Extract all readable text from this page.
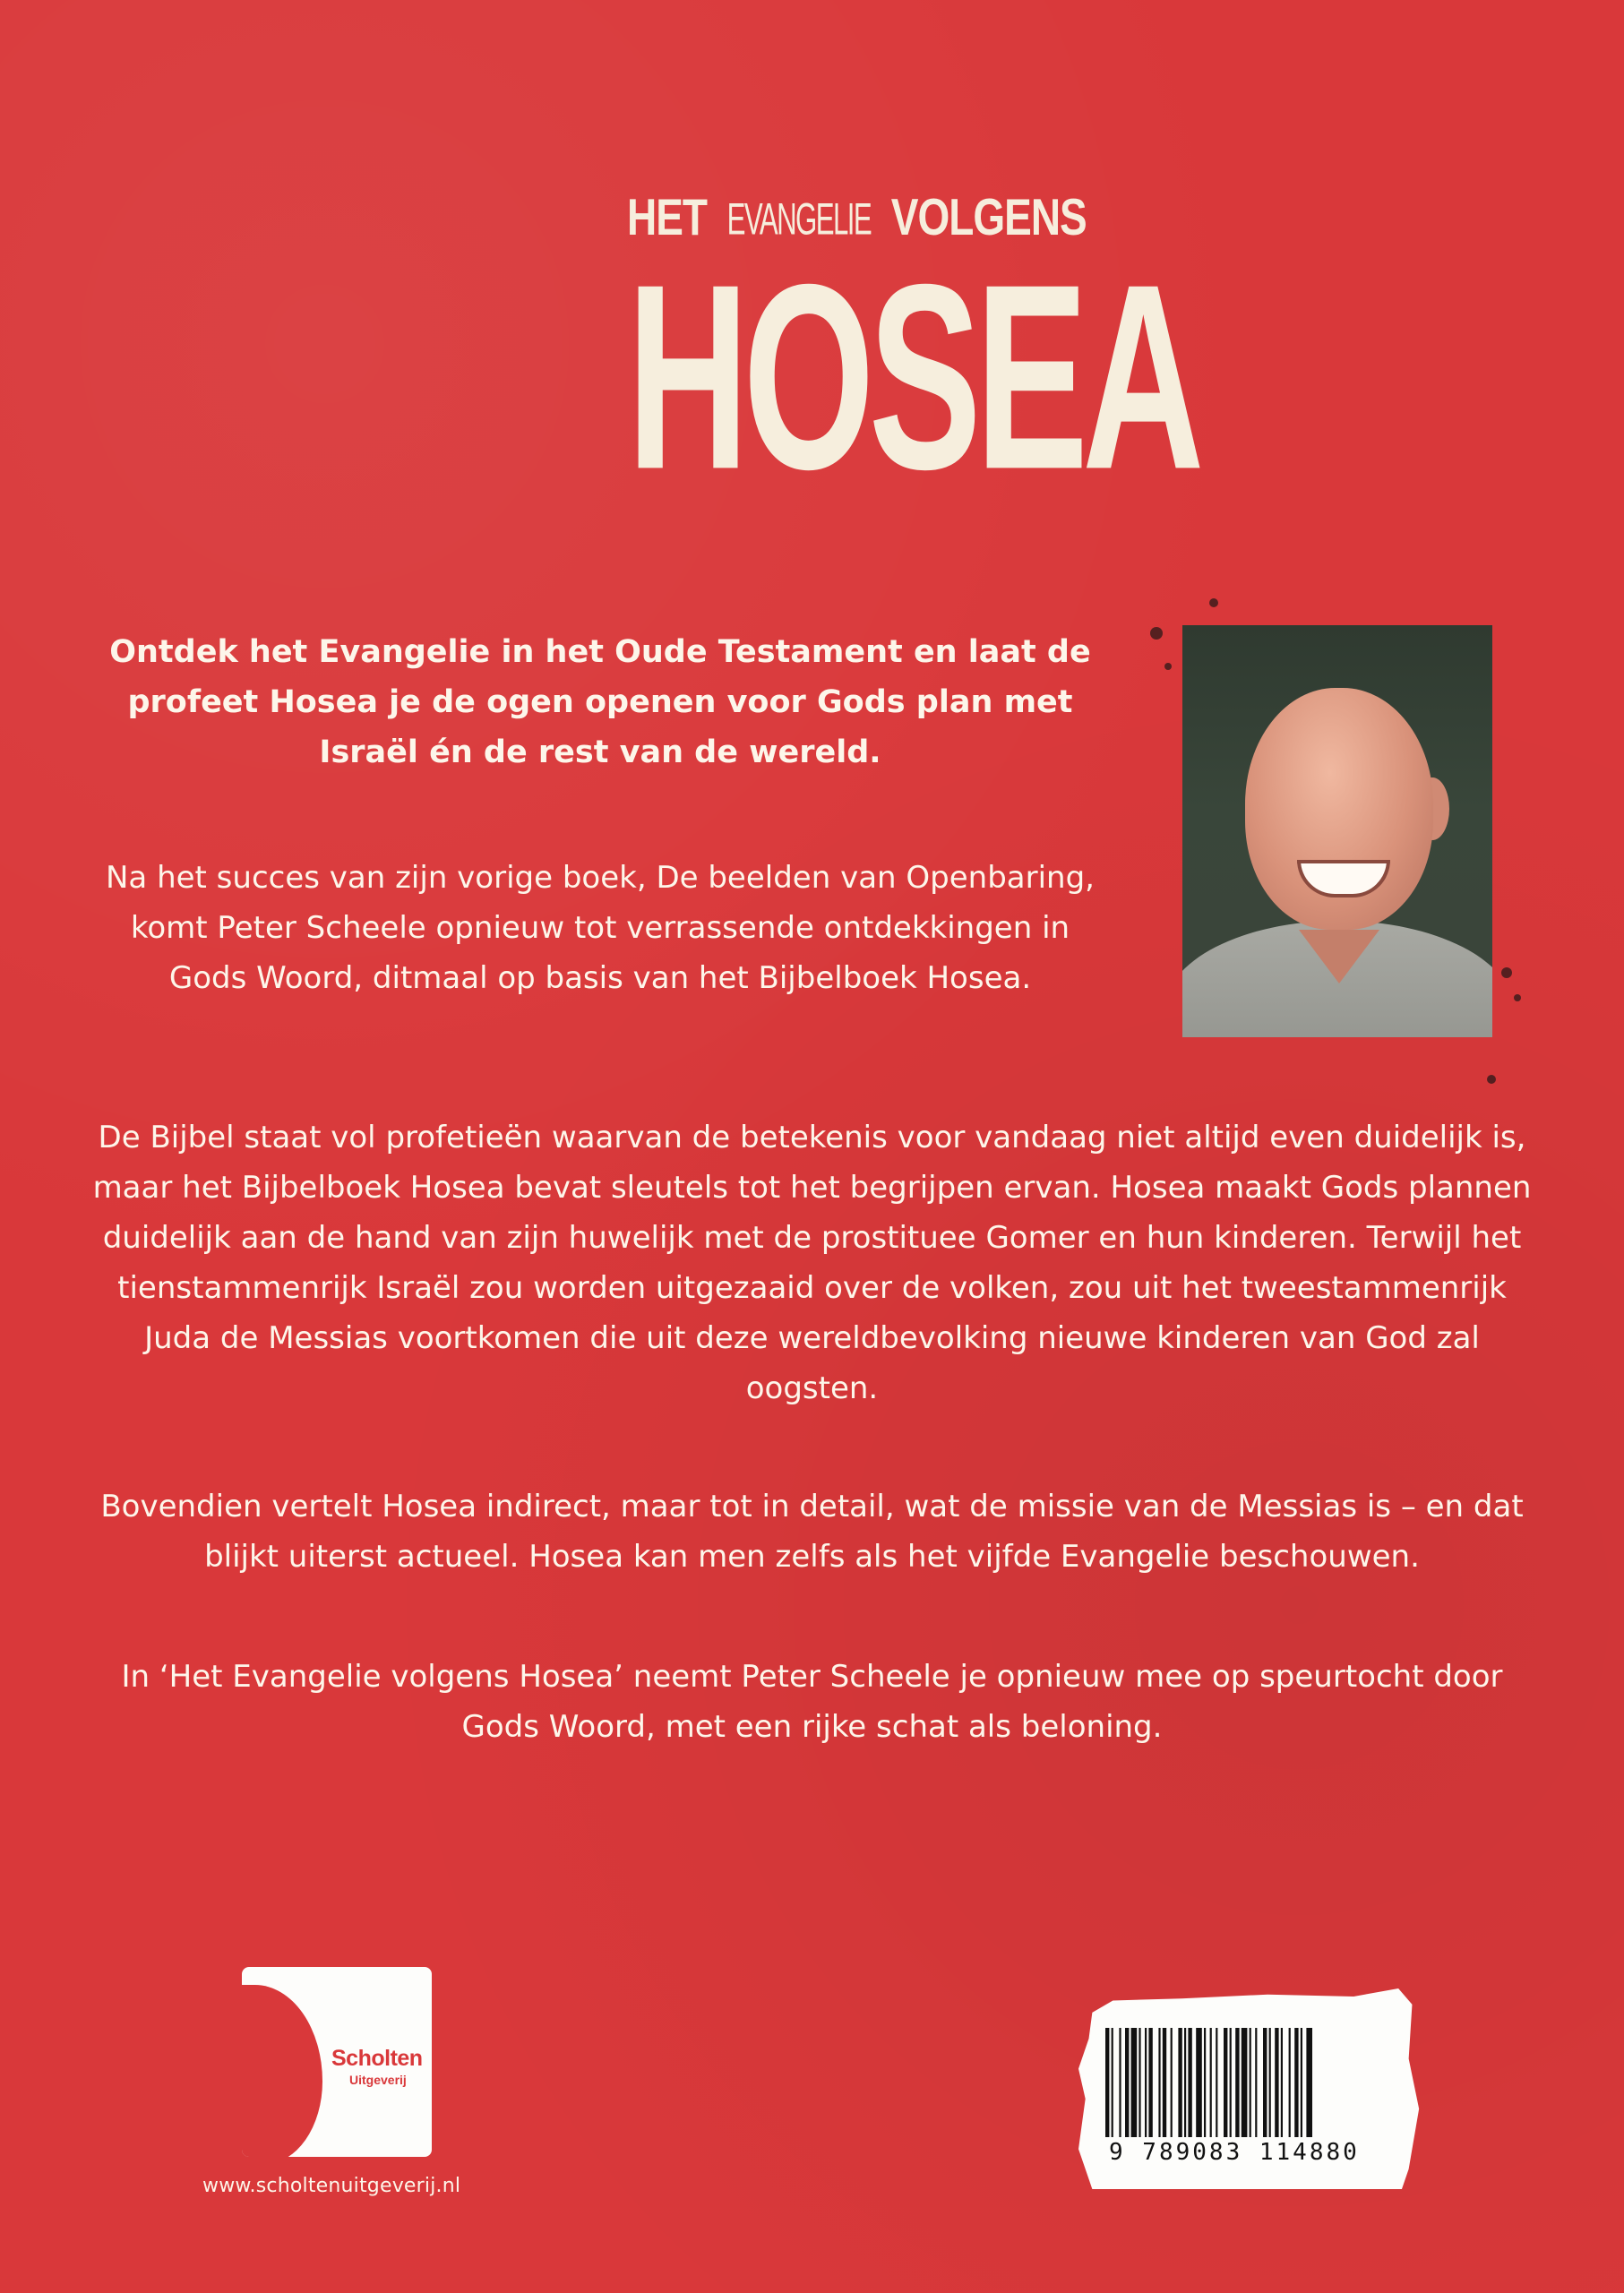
HET EVANGELIE VOLGENS
HOSEA
Ontdek het Evangelie in het Oude Testament en laat de profeet Hosea je de ogen openen voor Gods plan met Israël én de rest van de wereld.
Na het succes van zijn vorige boek, De beelden van Openbaring, komt Peter Scheele opnieuw tot verrassende ontdekkingen in Gods Woord, ditmaal op basis van het Bijbelboek Hosea.
De Bijbel staat vol profetieën waarvan de betekenis voor vandaag niet altijd even duidelijk is, maar het Bijbelboek Hosea bevat sleutels tot het begrijpen ervan. Hosea maakt Gods plannen duidelijk aan de hand van zijn huwelijk met de prostituee Gomer en hun kinderen. Terwijl het tienstammenrijk Israël zou worden uitgezaaid over de volken, zou uit het tweestammenrijk Juda de Messias voortkomen die uit deze wereldbevolking nieuwe kinderen van God zal oogsten.
Bovendien vertelt Hosea indirect, maar tot in detail, wat de missie van de Messias is – en dat blijkt uiterst actueel. Hosea kan men zelfs als het vijfde Evangelie beschouwen.
In ‘Het Evangelie volgens Hosea’ neemt Peter Scheele je opnieuw mee op speurtocht door Gods Woord, met een rijke schat als beloning.
Scholten
Uitgeverij
www.scholtenuitgeverij.nl
9 789083 114880
